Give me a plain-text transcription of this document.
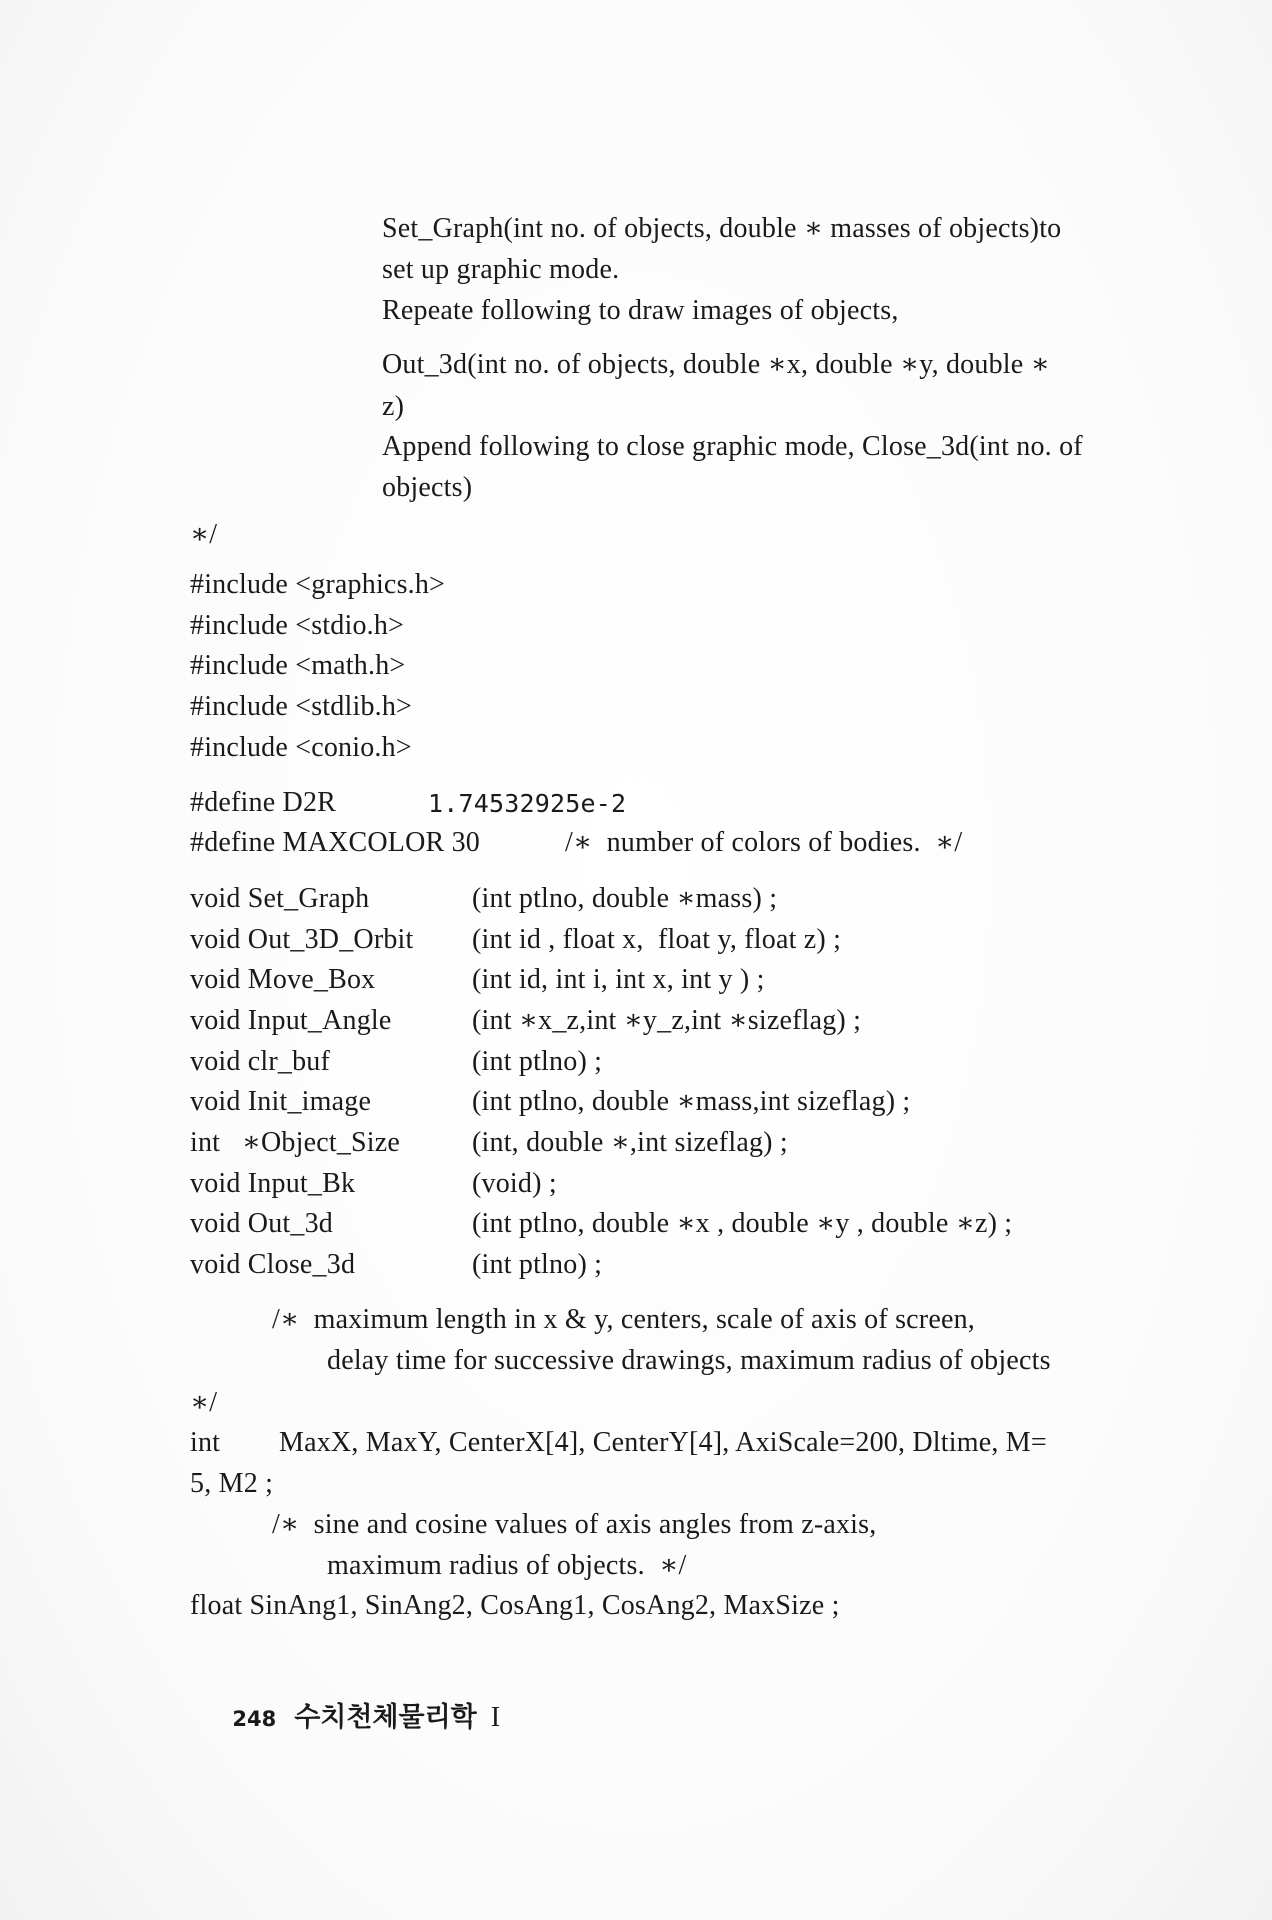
Set_Graph(int no. of objects, double ∗ masses of objects)to
set up graphic mode.
Repeate following to draw images of objects,
Out_3d(int no. of objects, double ∗x, double ∗y, double ∗
z)
Append following to close graphic mode, Close_3d(int no. of
objects)
∗/
#include <graphics.h>
#include <stdio.h>
#include <math.h>
#include <stdlib.h>
#include <conio.h>
#define D2R	1.74532925e-2
#define MAXCOLOR 30	/∗  number of colors of bodies.  ∗/
void Set_Graph	(int ptlno, double ∗mass) ;
void Out_3D_Orbit (int id , float x,  float y, float z) ;
void Move_Box	(int id, int i, int x, int y ) ;
void Input_Angle	(int ∗x_z,int ∗y_z,int ∗sizeflag) ;
void clr_buf	(int ptlno) ;
void Init_image	(int ptlno, double ∗mass,int sizeflag) ;
int   ∗Object_Size	(int, double ∗,int sizeflag) ;
void Input_Bk	(void) ;
void Out_3d	(int ptlno, double ∗x , double ∗y , double ∗z) ;
void Close_3d	(int ptlno) ;
/∗  maximum length in x & y, centers, scale of axis of screen,
delay time for successive drawings, maximum radius of objects
∗/
int MaxX, MaxY, CenterX[4], CenterY[4], AxiScale=200, Dltime, M=
5, M2 ;
/∗  sine and cosine values of axis angles from z-axis,
maximum radius of objects.  ∗/
float SinAng1, SinAng2, CosAng1, CosAng2, MaxSize ;

248 수치천체물리학 I
